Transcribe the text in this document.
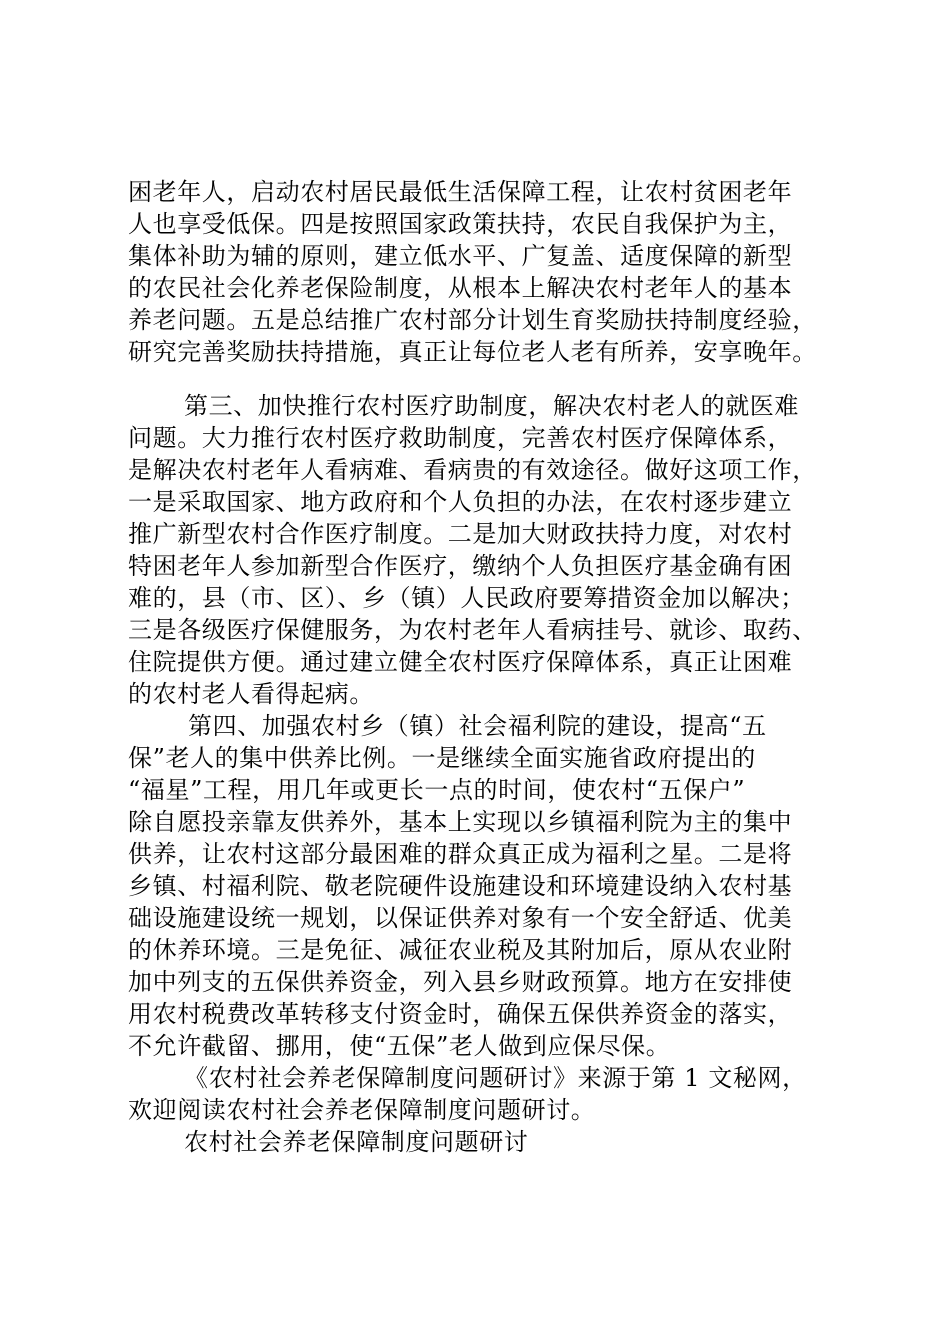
困老年人，启动农村居民最低生活保障工程，让农村贫困老年
人也享受低保。四是按照国家政策扶持，农民自我保护为主，
集体补助为辅的原则，建立低水平、广复盖、适度保障的新型
的农民社会化养老保险制度，从根本上解决农村老年人的基本
养老问题。五是总结推广农村部分计划生育奖励扶持制度经验，
研究完善奖励扶持措施，真正让每位老人老有所养，安享晚年。
第三、加快推行农村医疗助制度，解决农村老人的就医难
问题。大力推行农村医疗救助制度，完善农村医疗保障体系，
是解决农村老年人看病难、看病贵的有效途径。做好这项工作，
一是采取国家、地方政府和个人负担的办法，在农村逐步建立
推广新型农村合作医疗制度。二是加大财政扶持力度，对农村
特困老年人参加新型合作医疗，缴纳个人负担医疗基金确有困
难的，县（市、区）、乡（镇）人民政府要筹措资金加以解决；
三是各级医疗保健服务，为农村老年人看病挂号、就诊、取药、
住院提供方便。通过建立健全农村医疗保障体系，真正让困难
的农村老人看得起病。
第四、加强农村乡（镇）社会福利院的建设，提高“五
保”老人的集中供养比例。一是继续全面实施省政府提出的
“福星”工程，用几年或更长一点的时间，使农村“五保户”
除自愿投亲靠友供养外，基本上实现以乡镇福利院为主的集中
供养，让农村这部分最困难的群众真正成为福利之星。二是将
乡镇、村福利院、敬老院硬件设施建设和环境建设纳入农村基
础设施建设统一规划，以保证供养对象有一个安全舒适、优美
的休养环境。三是免征、减征农业税及其附加后，原从农业附
加中列支的五保供养资金，列入县乡财政预算。地方在安排使
用农村税费改革转移支付资金时，确保五保供养资金的落实，
不允许截留、挪用，使“五保”老人做到应保尽保。
《农村社会养老保障制度问题研讨》来源于第 1 文秘网，
欢迎阅读农村社会养老保障制度问题研讨。
农村社会养老保障制度问题研讨
